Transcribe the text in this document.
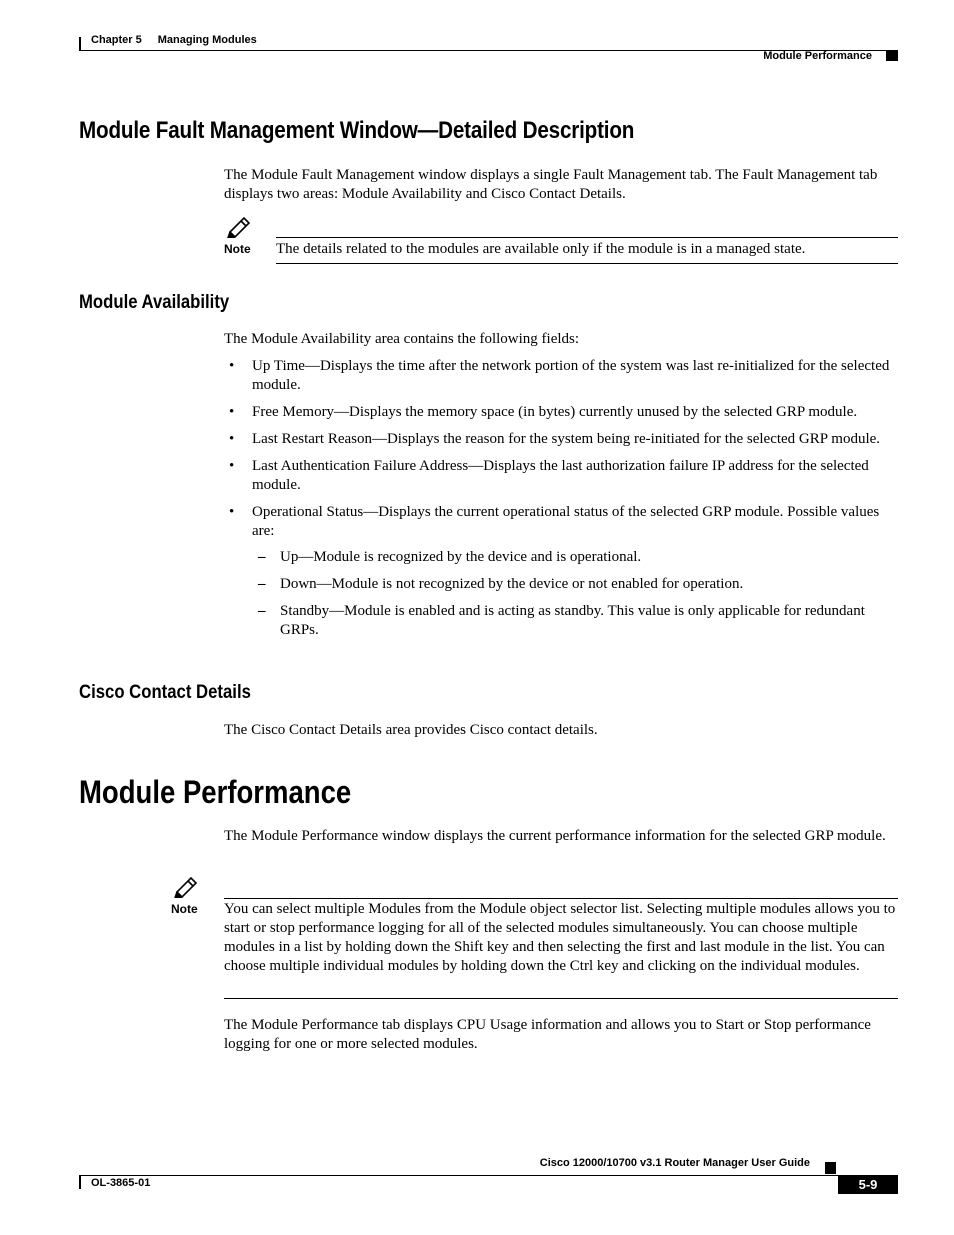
Chapter 5 Managing Modules
Module Performance
Module Fault Management Window—Detailed Description

The Module Fault Management window displays a single Fault Management tab. The Fault Management tab displays two areas: Module Availability and Cisco Contact Details.

Note The details related to the modules are available only if the module is in a managed state.
Module Availability

The Module Availability area contains the following fields:

• Up Time—Displays the time after the network portion of the system was last re-initialized for the selected module.
• Free Memory—Displays the memory space (in bytes) currently unused by the selected GRP module.
• Last Restart Reason—Displays the reason for the system being re-initiated for the selected GRP module.
• Last Authentication Failure Address—Displays the last authorization failure IP address for the selected module.
• Operational Status—Displays the current operational status of the selected GRP module. Possible values are:
– Up—Module is recognized by the device and is operational.
– Down—Module is not recognized by the device or not enabled for operation.
– Standby—Module is enabled and is acting as standby. This value is only applicable for redundant GRPs.
Cisco Contact Details

The Cisco Contact Details area provides Cisco contact details.

Module Performance

The Module Performance window displays the current performance information for the selected GRP module.

Note You can select multiple Modules from the Module object selector list. Selecting multiple modules allows you to start or stop performance logging for all of the selected modules simultaneously. You can choose multiple modules in a list by holding down the Shift key and then selecting the first and last module in the list. You can choose multiple individual modules by holding down the Ctrl key and clicking on the individual modules.

The Module Performance tab displays CPU Usage information and allows you to Start or Stop performance logging for one or more selected modules.

Cisco 12000/10700 v3.1 Router Manager User Guide
OL-3865-01	5-9
